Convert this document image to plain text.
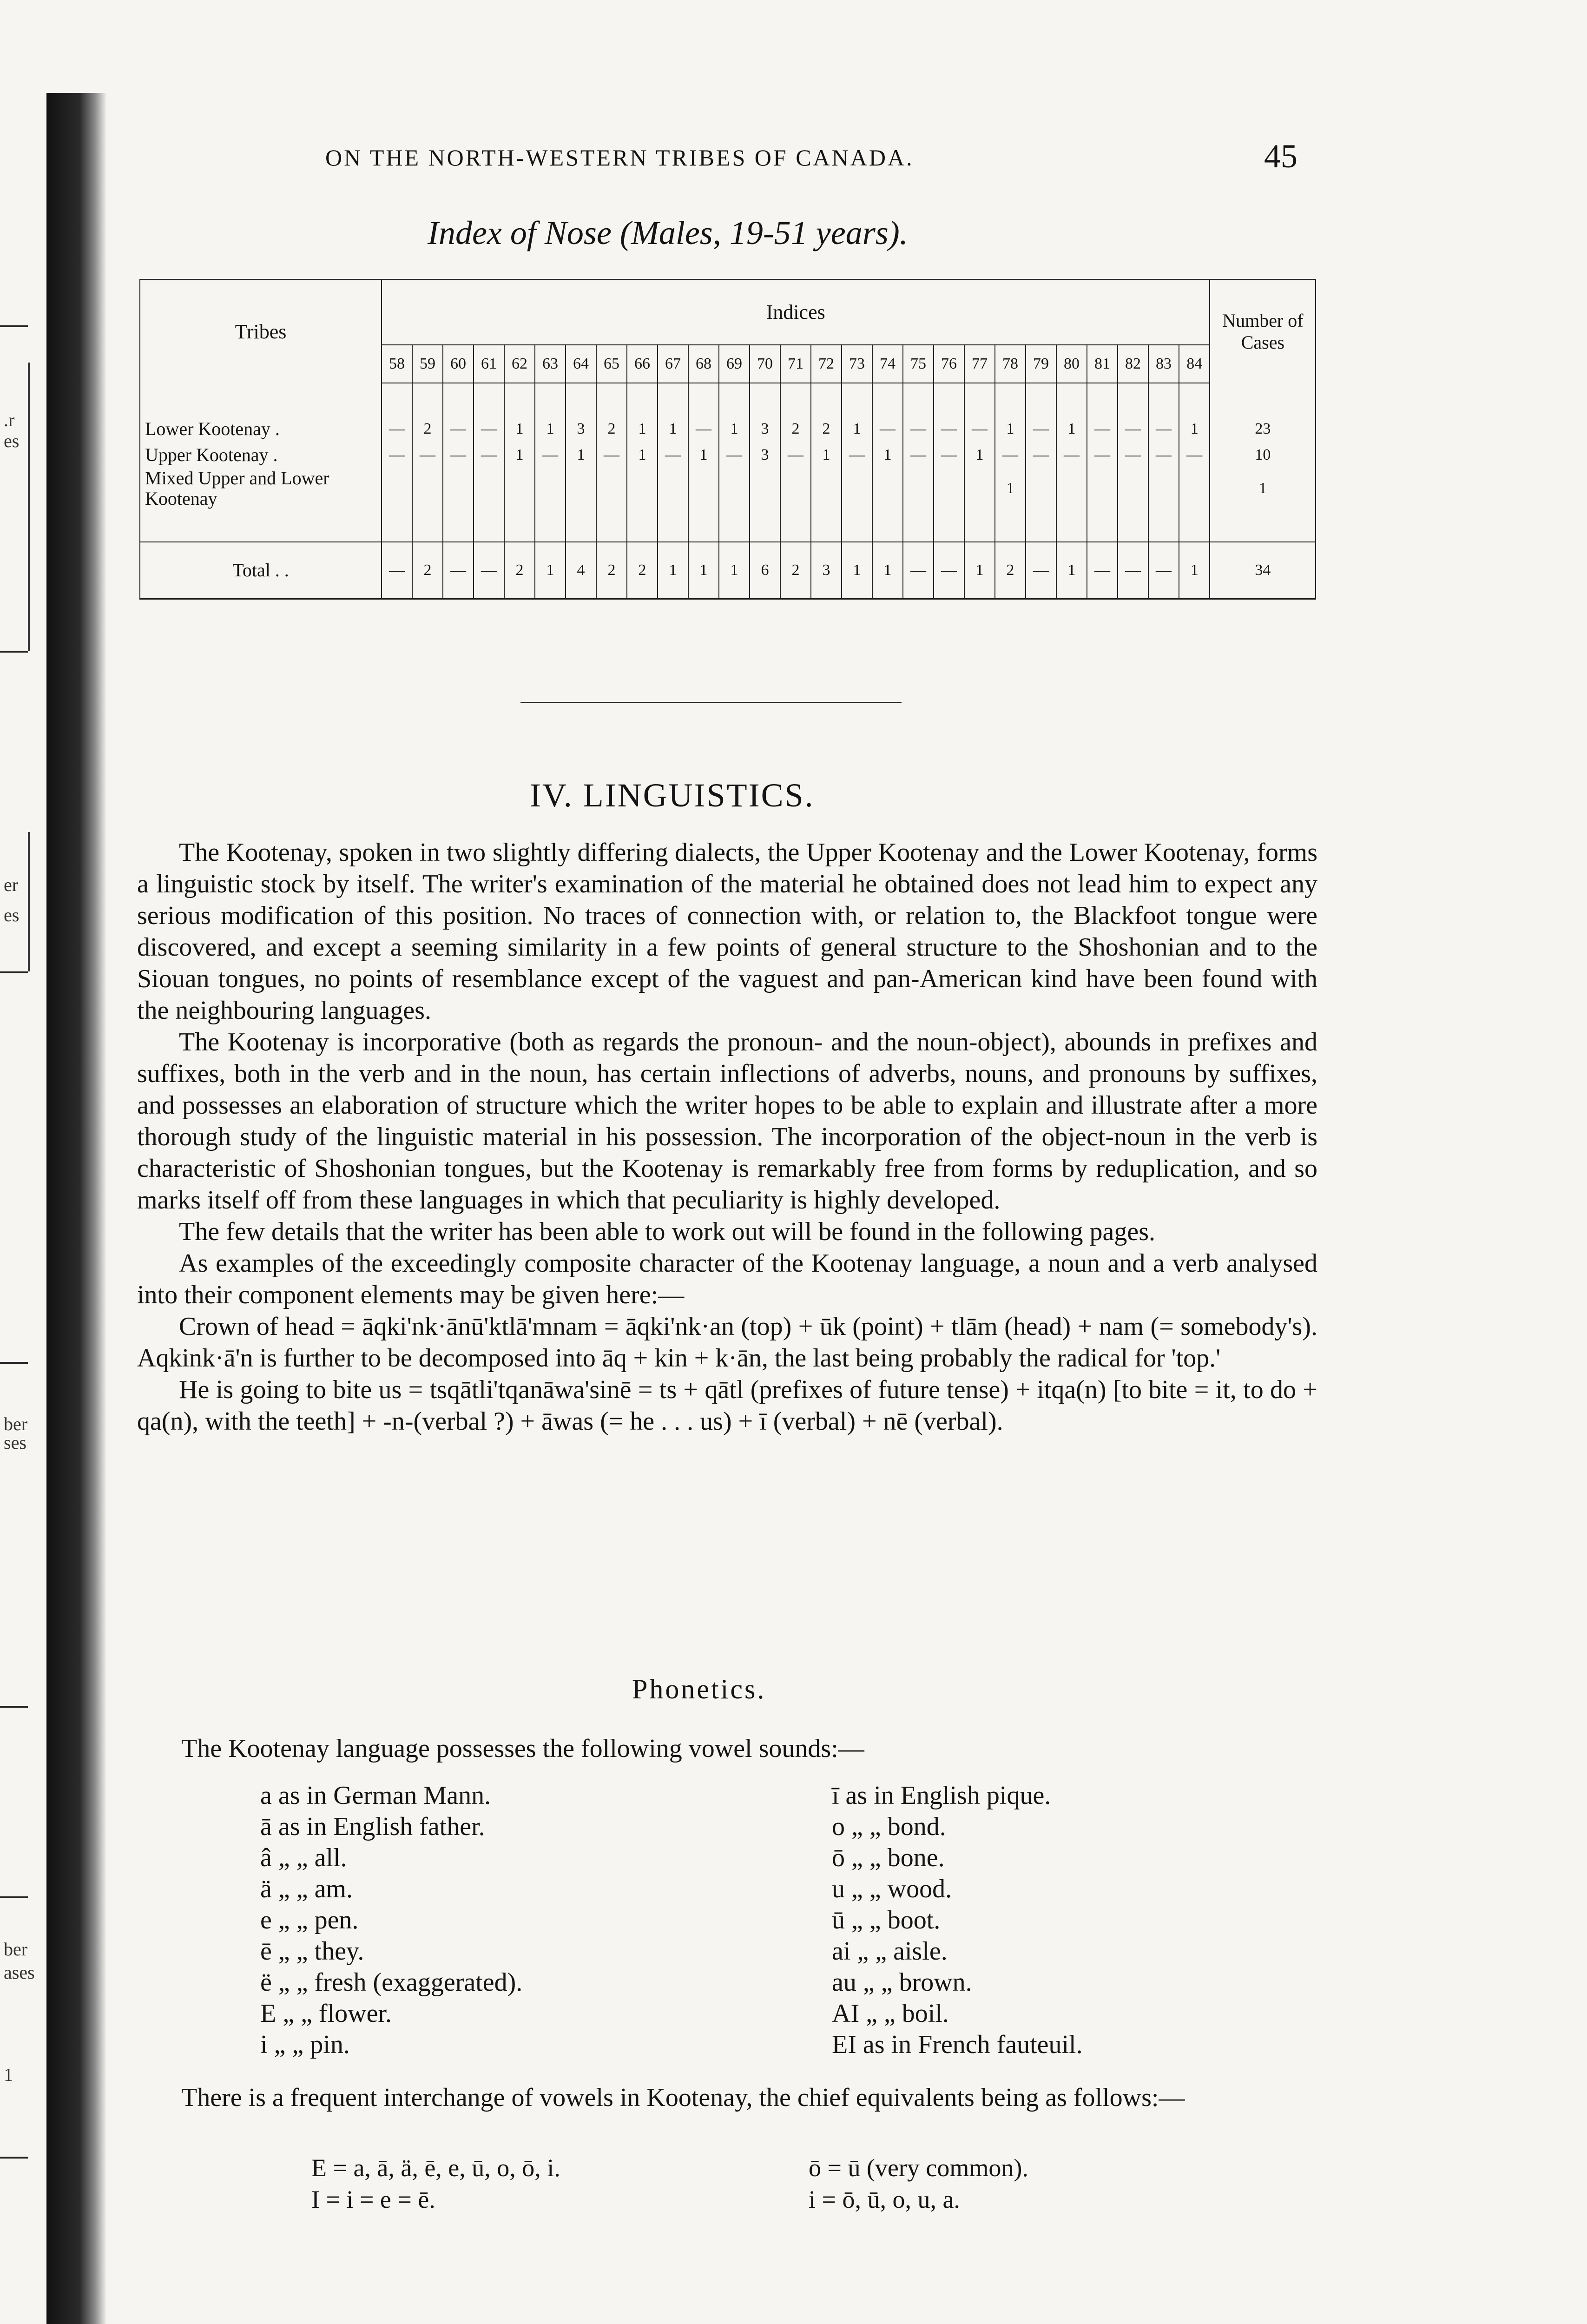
.r
es
er
es
ber
ses
ber
ases
1
ON THE NORTH-WESTERN TRIBES OF CANADA.	45
Index of Nose (Males, 19-51 years).
Tribes	Indices																											Number of Cases
	58	59	60	61	62	63	64	65	66	67	68	69	70	71	72	73	74	75	76	77	78	79	80	81	82	83	84	

Lower Kootenay .	—	2	—	—	1	1	3	2	1	1	—	1	3	2	2	1	—	—	—	—	1	—	1	—	—	—	1	23
Upper Kootenay .	—	—	—	—	1	—	1	—	1	—	1	—	3	—	1	—	1	—	—	1	—	—	—	—	—	—	—	10
Mixed Upper and Lower Kootenay																					1							1

Total . .	—	2	—	—	2	1	4	2	2	1	1	1	6	2	3	1	1	—	—	1	2	—	1	—	—	—	1	34
IV. LINGUISTICS.

The Kootenay, spoken in two slightly differing dialects, the Upper Kootenay and the Lower Kootenay, forms a linguistic stock by itself. The writer's examination of the material he obtained does not lead him to expect any serious modification of this position. No traces of connection with, or relation to, the Blackfoot tongue were discovered, and except a seeming similarity in a few points of general structure to the Shoshonian and to the Siouan tongues, no points of resemblance except of the vaguest and pan-American kind have been found with the neighbouring languages.

The Kootenay is incorporative (both as regards the pronoun- and the noun-object), abounds in prefixes and suffixes, both in the verb and in the noun, has certain inflections of adverbs, nouns, and pronouns by suffixes, and possesses an elaboration of structure which the writer hopes to be able to explain and illustrate after a more thorough study of the linguistic material in his possession. The incorporation of the object-noun in the verb is characteristic of Shoshonian tongues, but the Kootenay is remarkably free from forms by reduplication, and so marks itself off from these languages in which that peculiarity is highly developed.

The few details that the writer has been able to work out will be found in the following pages.

As examples of the exceedingly composite character of the Kootenay language, a noun and a verb analysed into their component elements may be given here:—

Crown of head = āqki'nk·ānū'ktlā'mnam = āqki'nk·an (top) + ūk (point) + tlām (head) + nam (= somebody's). Aqkink·ā'n is further to be decomposed into āq + kin + k·ān, the last being probably the radical for 'top.'

He is going to bite us = tsqātli'tqanāwa'sinē = ts + qātl (prefixes of future tense) + itqa(n) [to bite = it, to do + qa(n), with the teeth] + -n-(verbal ?) + āwas (= he . . . us) + ī (verbal) + nē (verbal).

Phonetics.
The Kootenay language possesses the following vowel sounds:—
a as in German Mann.
ā as in English father.
â „ „ all.
ä „ „ am.
e „ „ pen.
ē „ „ they.
ë „ „ fresh (exaggerated).
E „ „ flower.
i „ „ pin.
ī as in English pique.
o „ „ bond.
ō „ „ bone.
u „ „ wood.
ū „ „ boot.
ai „ „ aisle.
au „ „ brown.
AI „ „ boil.
EI as in French fauteuil.
There is a frequent interchange of vowels in Kootenay, the chief equivalents being as follows:—
E = a, ā, ä, ē, e, ū, o, ō, i.
I = i = e = ē.
ō = ū (very common).
i = ō, ū, o, u, a.
